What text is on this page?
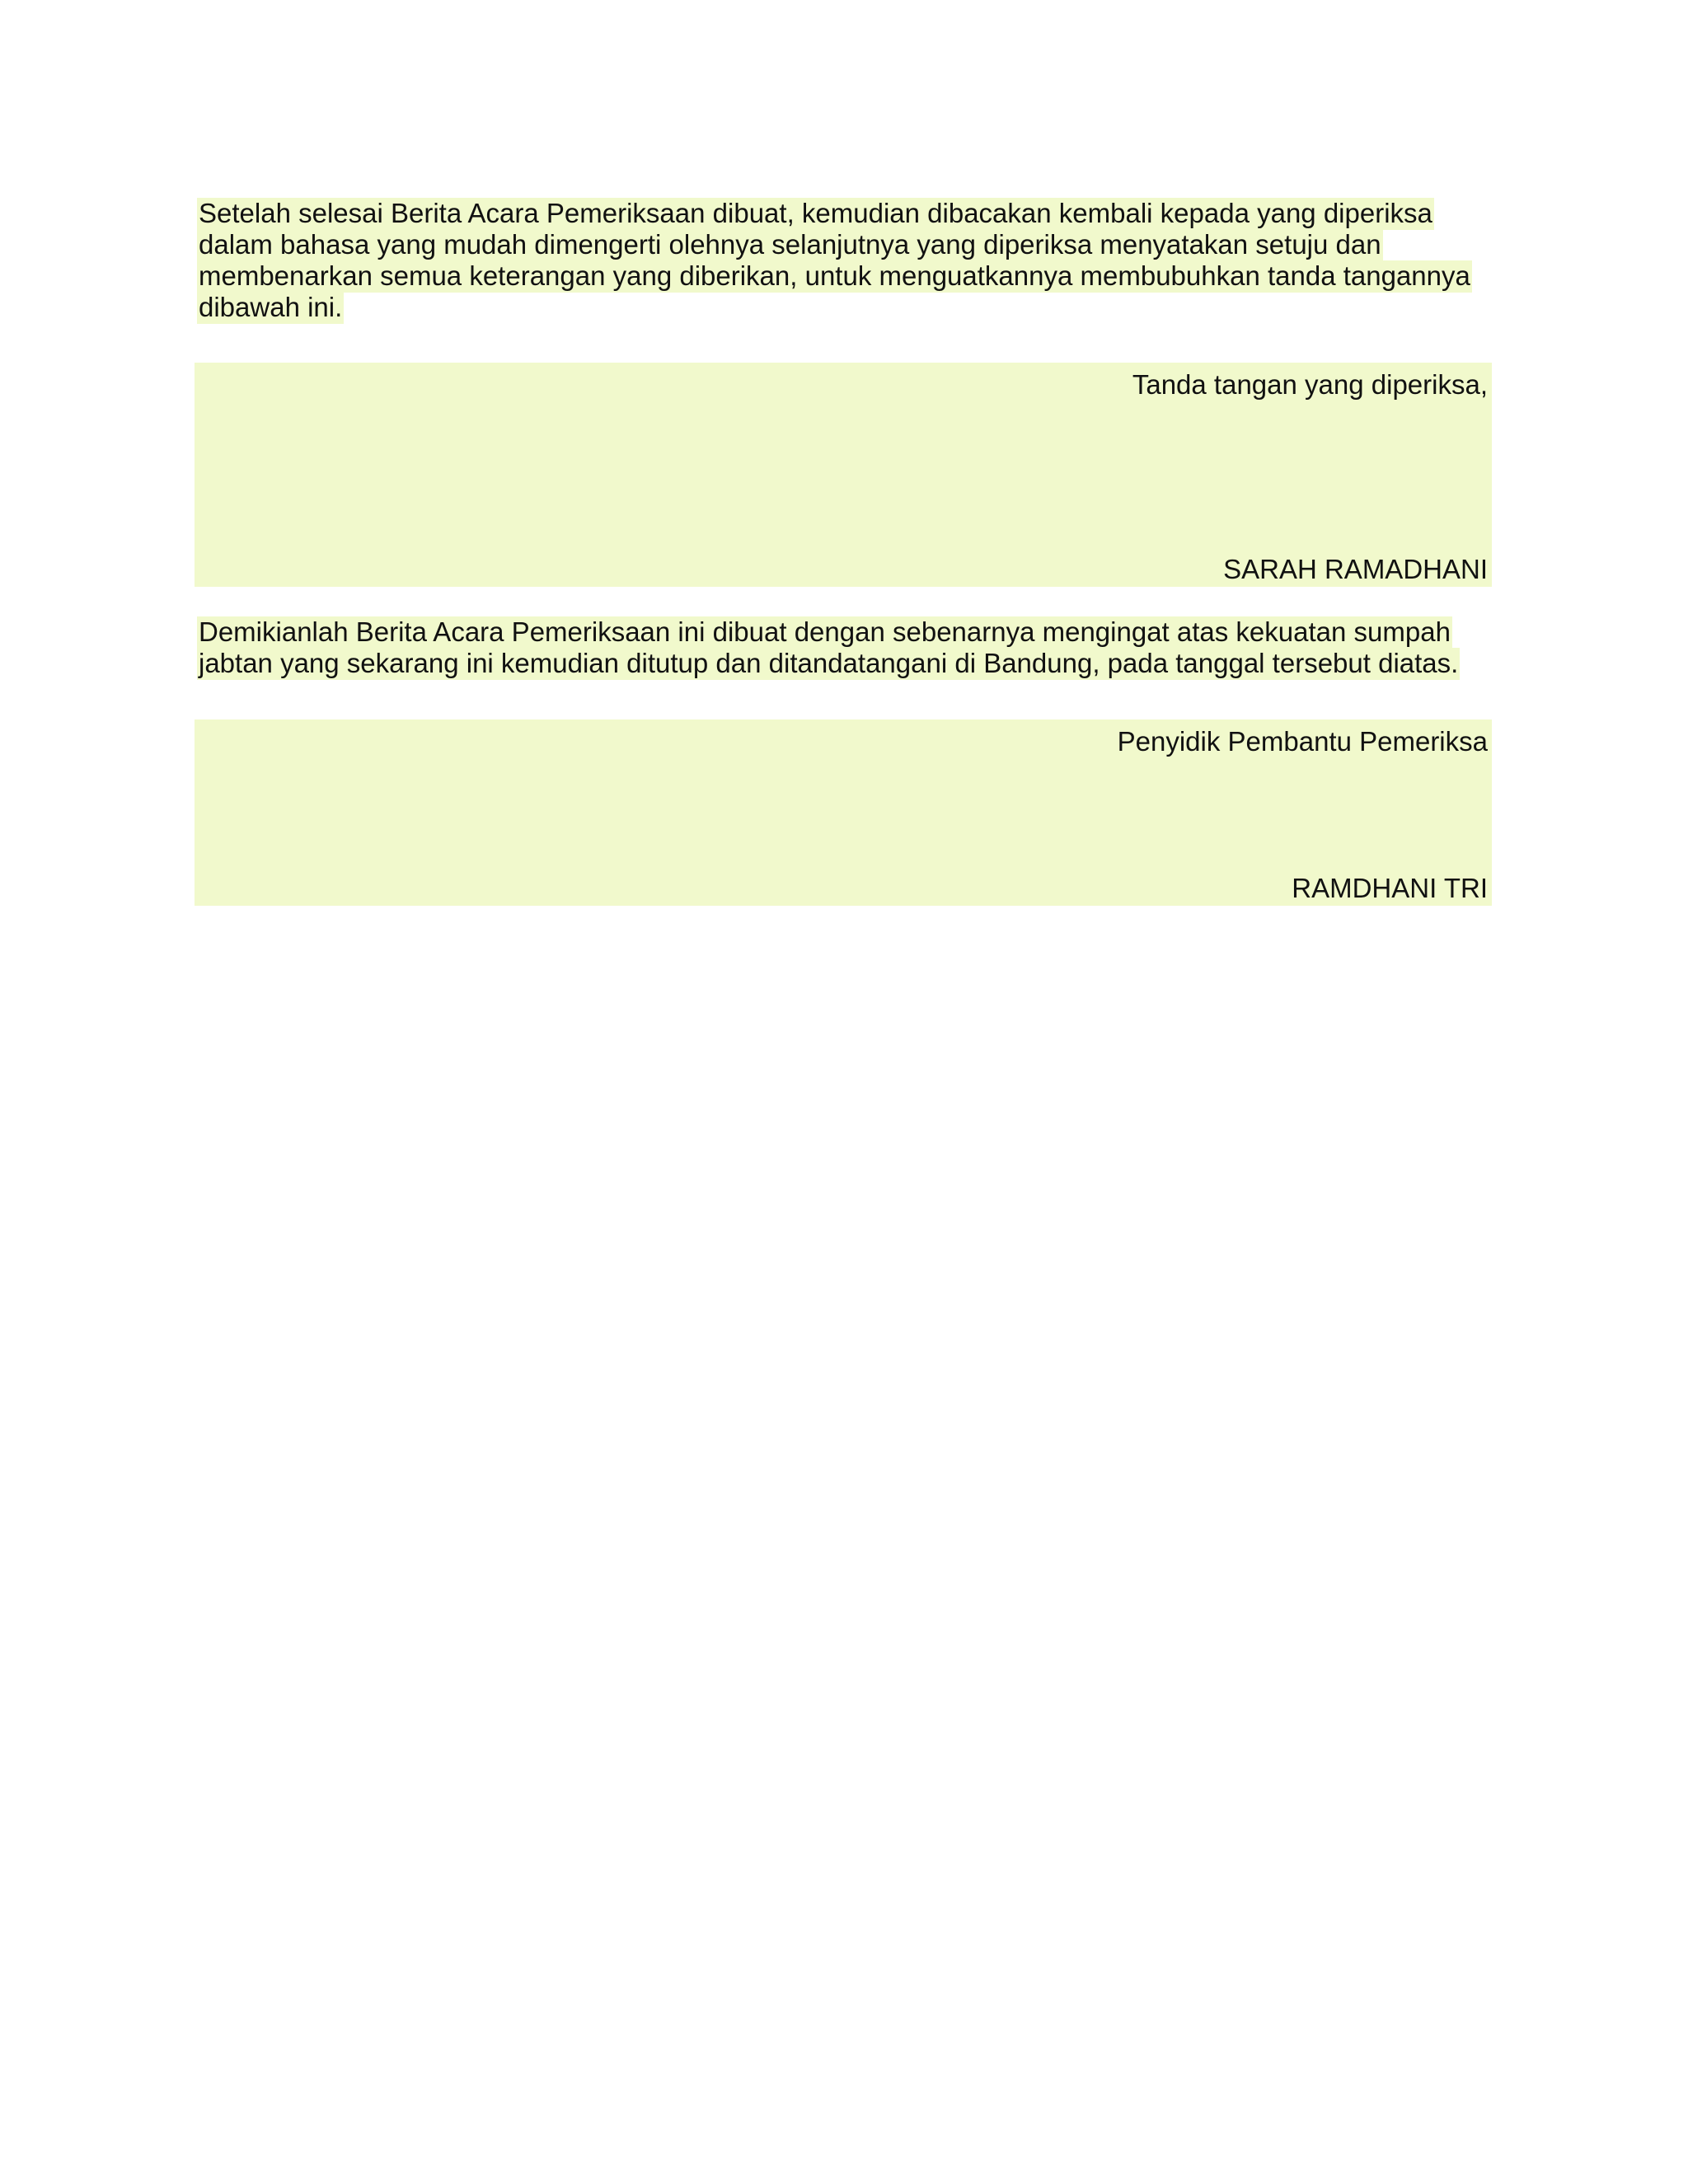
Setelah selesai Berita Acara Pemeriksaan dibuat, kemudian dibacakan kembali kepada yang diperiksa dalam bahasa yang mudah dimengerti olehnya selanjutnya yang diperiksa menyatakan setuju dan membenarkan semua keterangan yang diberikan, untuk menguatkannya membubuhkan tanda tangannya dibawah ini.

Tanda tangan yang diperiksa,
SARAH RAMADHANI

Demikianlah Berita Acara Pemeriksaan ini dibuat dengan sebenarnya mengingat atas kekuatan sumpah jabtan yang sekarang ini kemudian ditutup dan ditandatangani di Bandung, pada tanggal tersebut diatas.

Penyidik Pembantu Pemeriksa
RAMDHANI TRI
